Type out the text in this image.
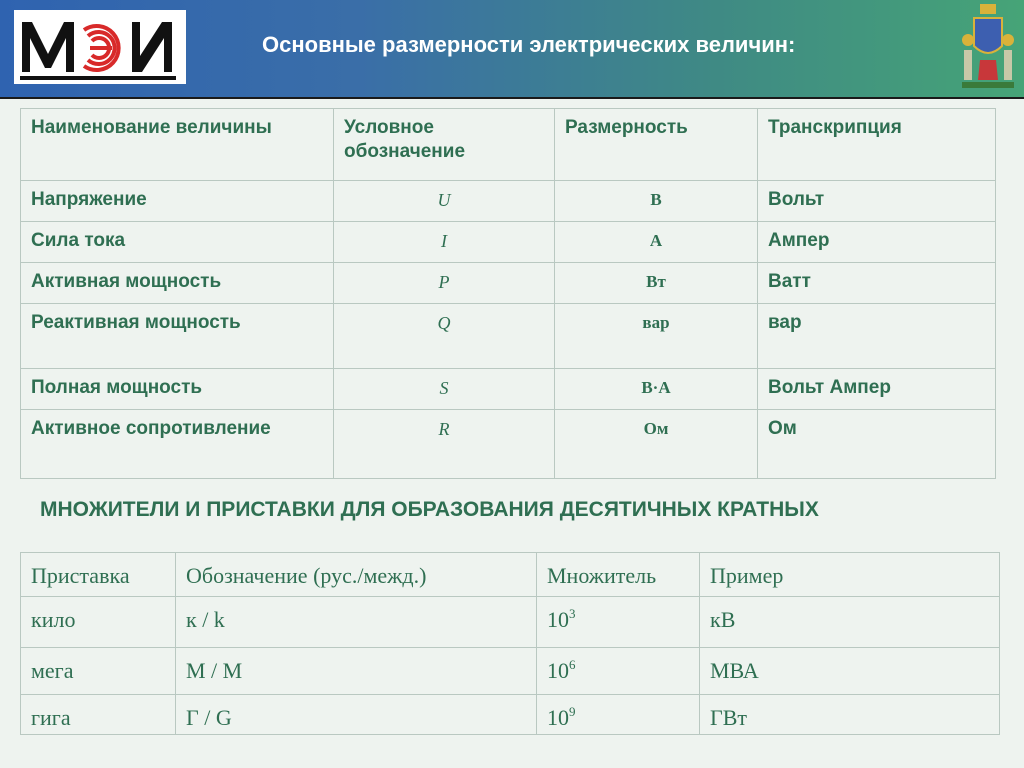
Основные размерности электрических величин:
Наименование величины	Условное обозначение	Размерность	Транскрипция
Напряжение	U	В	Вольт
Сила тока	I	А	Ампер
Активная мощность	P	Вт	Ватт
Реактивная мощность	Q	вар	вар
Полная мощность	S	В·А	Вольт Ампер
Активное сопротивление	R	Ом	Ом
МНОЖИТЕЛИ И ПРИСТАВКИ ДЛЯ ОБРАЗОВАНИЯ ДЕСЯТИЧНЫХ КРАТНЫХ
Приставка	Обозначение (рус./межд.)	Множитель	Пример
кило	к / k	$10^3$	кВ
мега	М / M	$10^6$	МВА
гига	Г / G	$10^9$	ГВт
